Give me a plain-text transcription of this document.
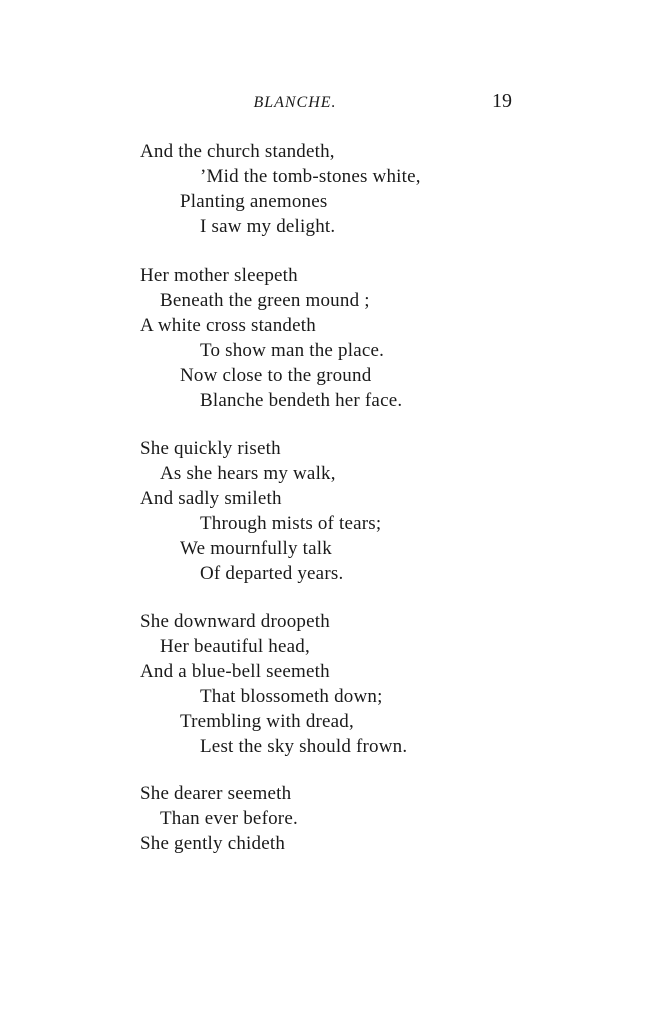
BLANCHE.	19
And the church standeth,
’Mid the tomb-stones white,
Planting anemones
I saw my delight.
Her mother sleepeth
Beneath the green mound ;
A white cross standeth
To show man the place.
Now close to the ground
Blanche bendeth her face.
She quickly riseth
As she hears my walk,
And sadly smileth
Through mists of tears;
We mournfully talk
Of departed years.
She downward droopeth
Her beautiful head,
And a blue-bell seemeth
That blossometh down;
Trembling with dread,
Lest the sky should frown.
She dearer seemeth
Than ever before.
She gently chideth
